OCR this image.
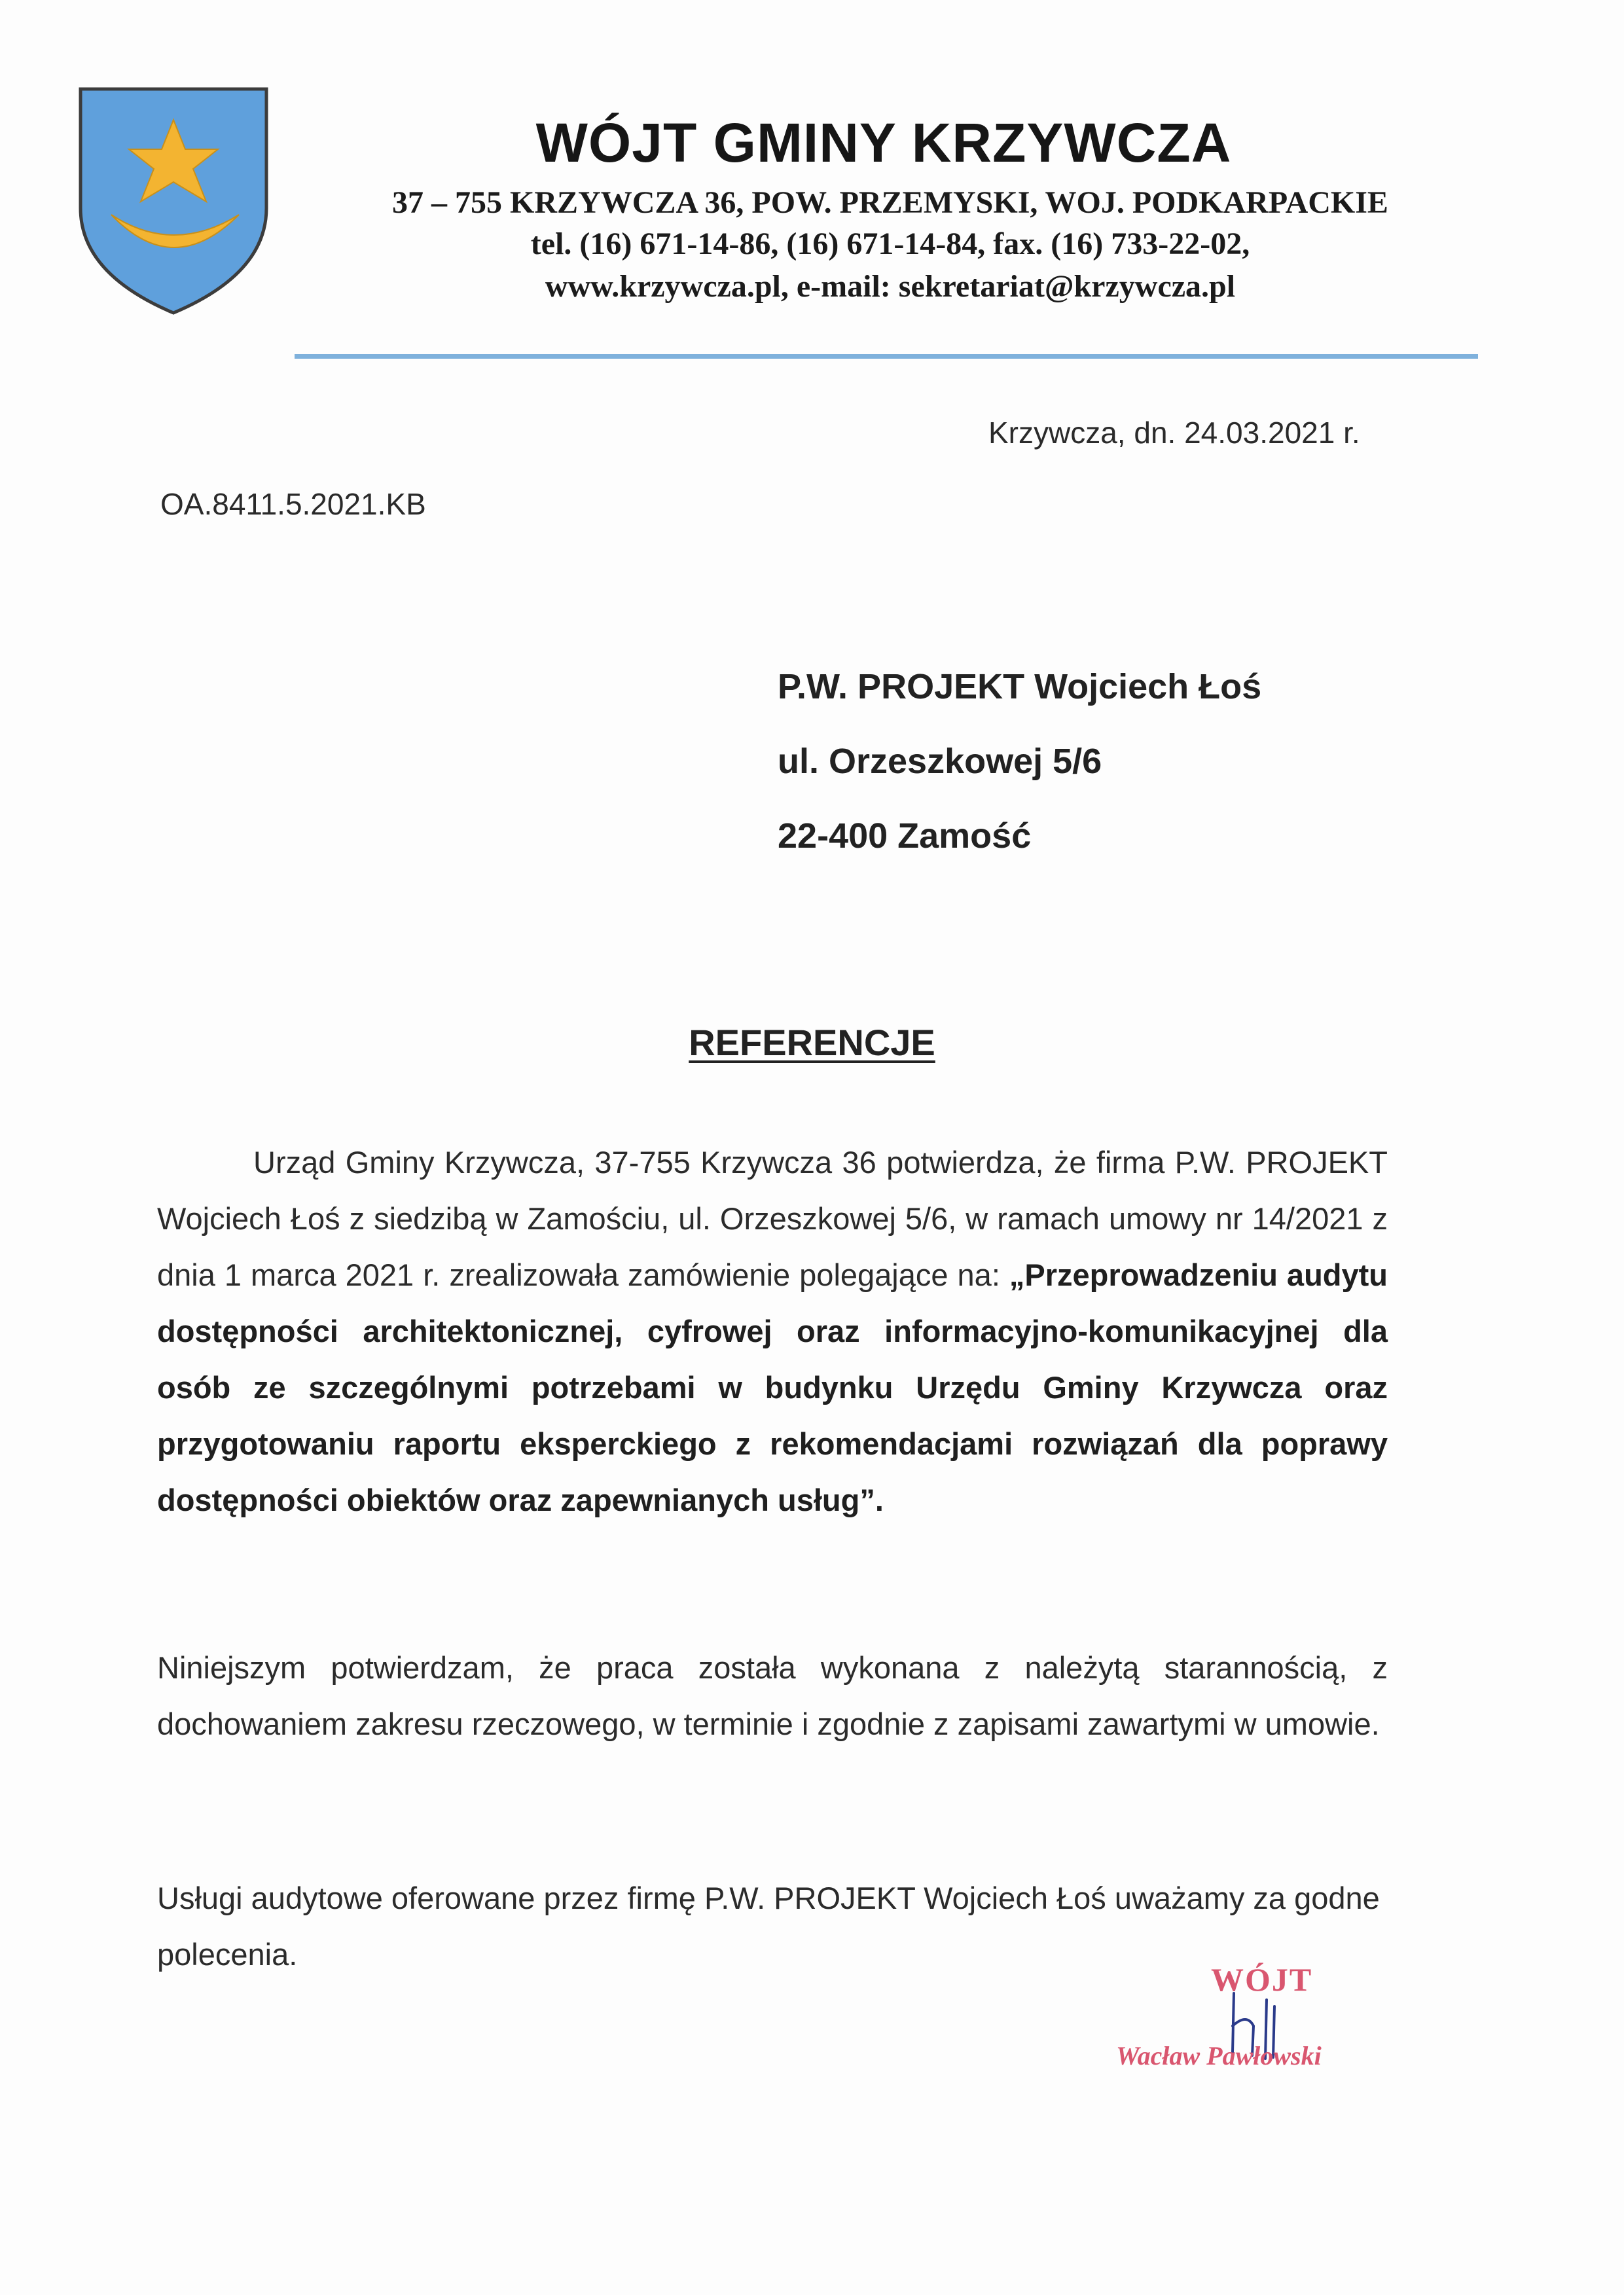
WÓJT GMINY KRZYWCZA
37 – 755 KRZYWCZA 36, POW. PRZEMYSKI, WOJ. PODKARPACKIE
tel. (16) 671-14-86, (16) 671-14-84, fax. (16) 733-22-02,
www.krzywcza.pl, e-mail: sekretariat@krzywcza.pl
Krzywcza, dn. 24.03.2021 r.
OA.8411.5.2021.KB
P.W. PROJEKT Wojciech Łoś
ul. Orzeszkowej 5/6
22-400 Zamość
REFERENCJE

Urząd Gminy Krzywcza, 37-755 Krzywcza 36 potwierdza, że firma P.W. PROJEKT Wojciech Łoś z siedzibą w Zamościu, ul. Orzeszkowej 5/6, w ramach umowy nr 14/2021 z dnia 1 marca 2021 r. zrealizowała zamówienie polegające na: „Przeprowadzeniu audytu dostępności architektonicznej, cyfrowej oraz informacyjno-komunikacyjnej dla osób ze szczególnymi potrzebami w budynku Urzędu Gminy Krzywcza oraz przygotowaniu raportu eksperckiego z rekomendacjami rozwiązań dla poprawy dostępności obiektów oraz zapewnianych usług”.

Niniejszym potwierdzam, że praca została wykonana z należytą starannością, z dochowaniem zakresu rzeczowego, w terminie i zgodnie z zapisami zawartymi w umowie.

Usługi audytowe oferowane przez firmę P.W. PROJEKT Wojciech Łoś uważamy za godne polecenia.

WÓJT
Wacław Pawłowski
